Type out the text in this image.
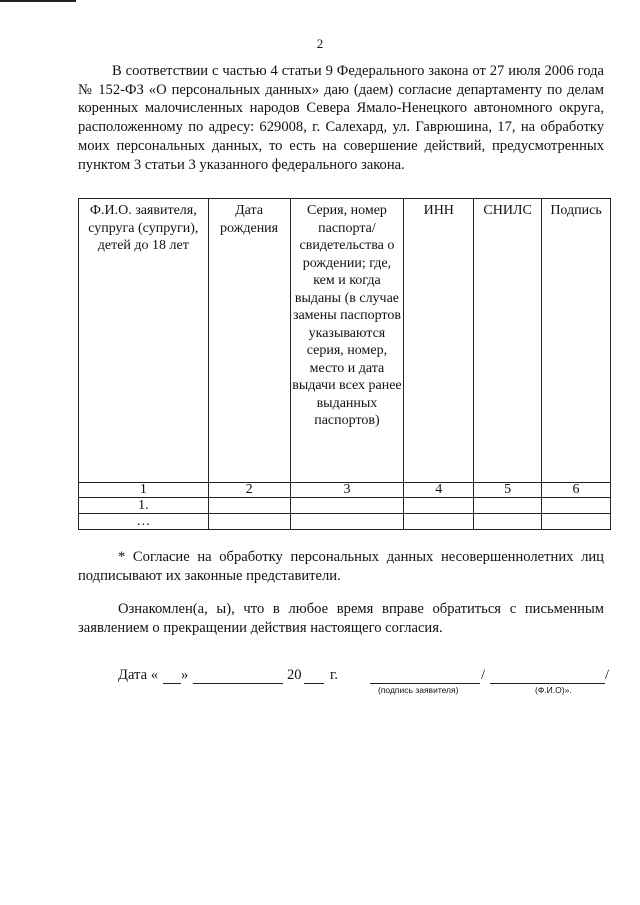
2

В соответствии с частью 4 статьи 9 Федерального закона от 27 июля 2006 года № 152-ФЗ «О персональных данных» даю (даем) согласие департаменту по делам коренных малочисленных народов Севера Ямало-Ненецкого автономного округа, расположенному по адресу: 629008, г. Салехард, ул. Гаврюшина, 17, на обработку моих персональных данных, то есть на совершение действий, предусмотренных пунктом 3 статьи 3 указанного федерального закона.

Ф.И.О. заявителя, супруга (супруги), детей до 18 лет	Дата рождения	Серия, номер паспорта/ свидетельства о рождении; где, кем и когда выданы (в случае замены паспортов указываются серия, номер, место и дата выдачи всех ранее выданных паспортов)	ИНН	СНИЛС	Подпись
1	2	3	4	5	6
1.					
…					

* Согласие на обработку персональных данных несовершеннолетних лиц подписывают их законные представители.

Ознакомлен(а, ы), что в любое время вправе обратиться с письменным заявлением о прекращении действия настоящего согласия.

Дата « »	20 г.	/	/
(подпись заявителя)	(Ф.И.О)».
